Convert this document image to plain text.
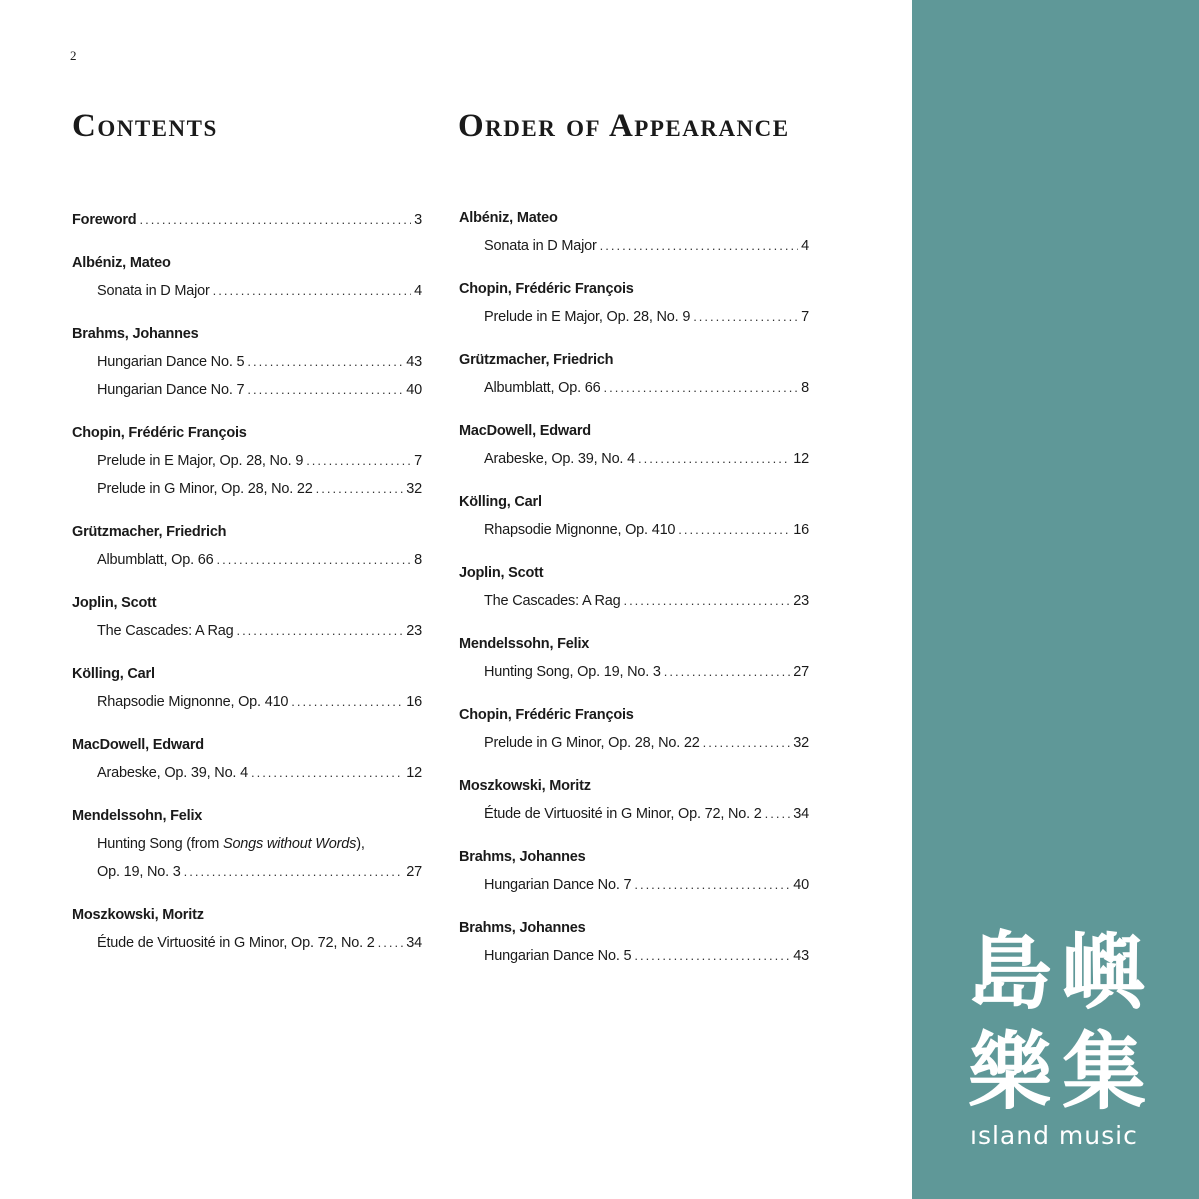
2
Contents	Order of Appearance
Foreword .....	3
Albéniz, Mateo
Sonata in D Major .....	4
Brahms, Johannes
Hungarian Dance No. 5 .....	43
Hungarian Dance No. 7 .....	40
Chopin, Frédéric François
Prelude in E Major, Op. 28, No. 9 .....	7
Prelude in G Minor, Op. 28, No. 22 .....	32
Grützmacher, Friedrich
Albumblatt, Op. 66 .....	8
Joplin, Scott
The Cascades: A Rag .....	23
Kölling, Carl
Rhapsodie Mignonne, Op. 410 .....	16
MacDowell, Edward
Arabeske, Op. 39, No. 4 .....	12
Mendelssohn, Felix
Hunting Song (from Songs without Words),
Op. 19, No. 3 .....	27
Moszkowski, Moritz
Étude de Virtuosité in G Minor, Op. 72, No. 2 ..... 34
Albéniz, Mateo
Sonata in D Major .....	4
Chopin, Frédéric François
Prelude in E Major, Op. 28, No. 9 .....	7
Grützmacher, Friedrich
Albumblatt, Op. 66 .....	8
MacDowell, Edward
Arabeske, Op. 39, No. 4 .....	12
Kölling, Carl
Rhapsodie Mignonne, Op. 410 .....	16
Joplin, Scott
The Cascades: A Rag .....	23
Mendelssohn, Felix
Hunting Song, Op. 19, No. 3 .....	27
Chopin, Frédéric François
Prelude in G Minor, Op. 28, No. 22 .....	32
Moszkowski, Moritz
Étude de Virtuosité in G Minor, Op. 72, No. 2 ..... 34
Brahms, Johannes
Hungarian Dance No. 7 .....	40
Brahms, Johannes
Hungarian Dance No. 5 .....	43 島嶼樂集
ısland music
